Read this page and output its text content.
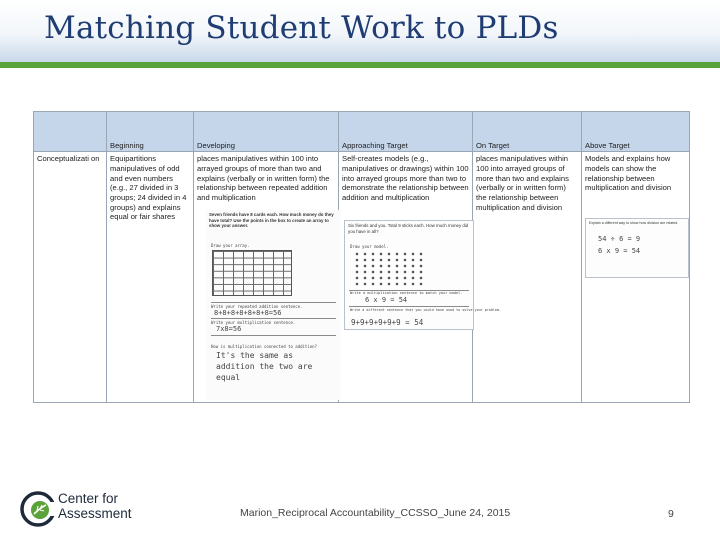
Matching Student Work to PLDs
	Beginning	Developing	Approaching Target	On Target	Above Target
Conceptualizati on	Equipartitions manipulatives of odd and even numbers (e.g., 27 divided in 3 groups; 24 divided in 4 groups) and explains equal or fair shares	places manipulatives within 100 into arrayed groups of more than two and explains (verbally or in written form) the relationship between repeated addition and multiplication	Self-creates models (e.g., manipulatives or drawings) within 100 into arrayed groups more than two to demonstrate the relationship between addition and multiplication	places manipulatives within 100 into arrayed groups of more than two and explains (verbally or in written form) the relationship between multiplication and division	Models and explains how models can show the relationship between multiplication and division
Seven friends have 8 cards each. How much money do they have total? Use the points in the box to create an array to show your answer.
Draw your array.
Write your repeated addition sentence.
8+8+8+8+8+8+8=56
Write your multiplication sentence.
7x8=56
How is multiplication connected to addition?
It's the same as
addition the two are
equal
Six friends and you. Total 9 sticks each. How much money did you have in all?
Draw your model.
Write a multiplication sentence to match your model.
6 x 9 = 54
Write a different sentence that you could have used to solve your problem.
9+9+9+9+9+9 = 54
Explain a different way to show how division are related.
54 ÷ 6 = 9
6 x 9 = 54
Center for
Assessment	Marion_Reciprocal Accountability_CCSSO_June 24, 2015	9
